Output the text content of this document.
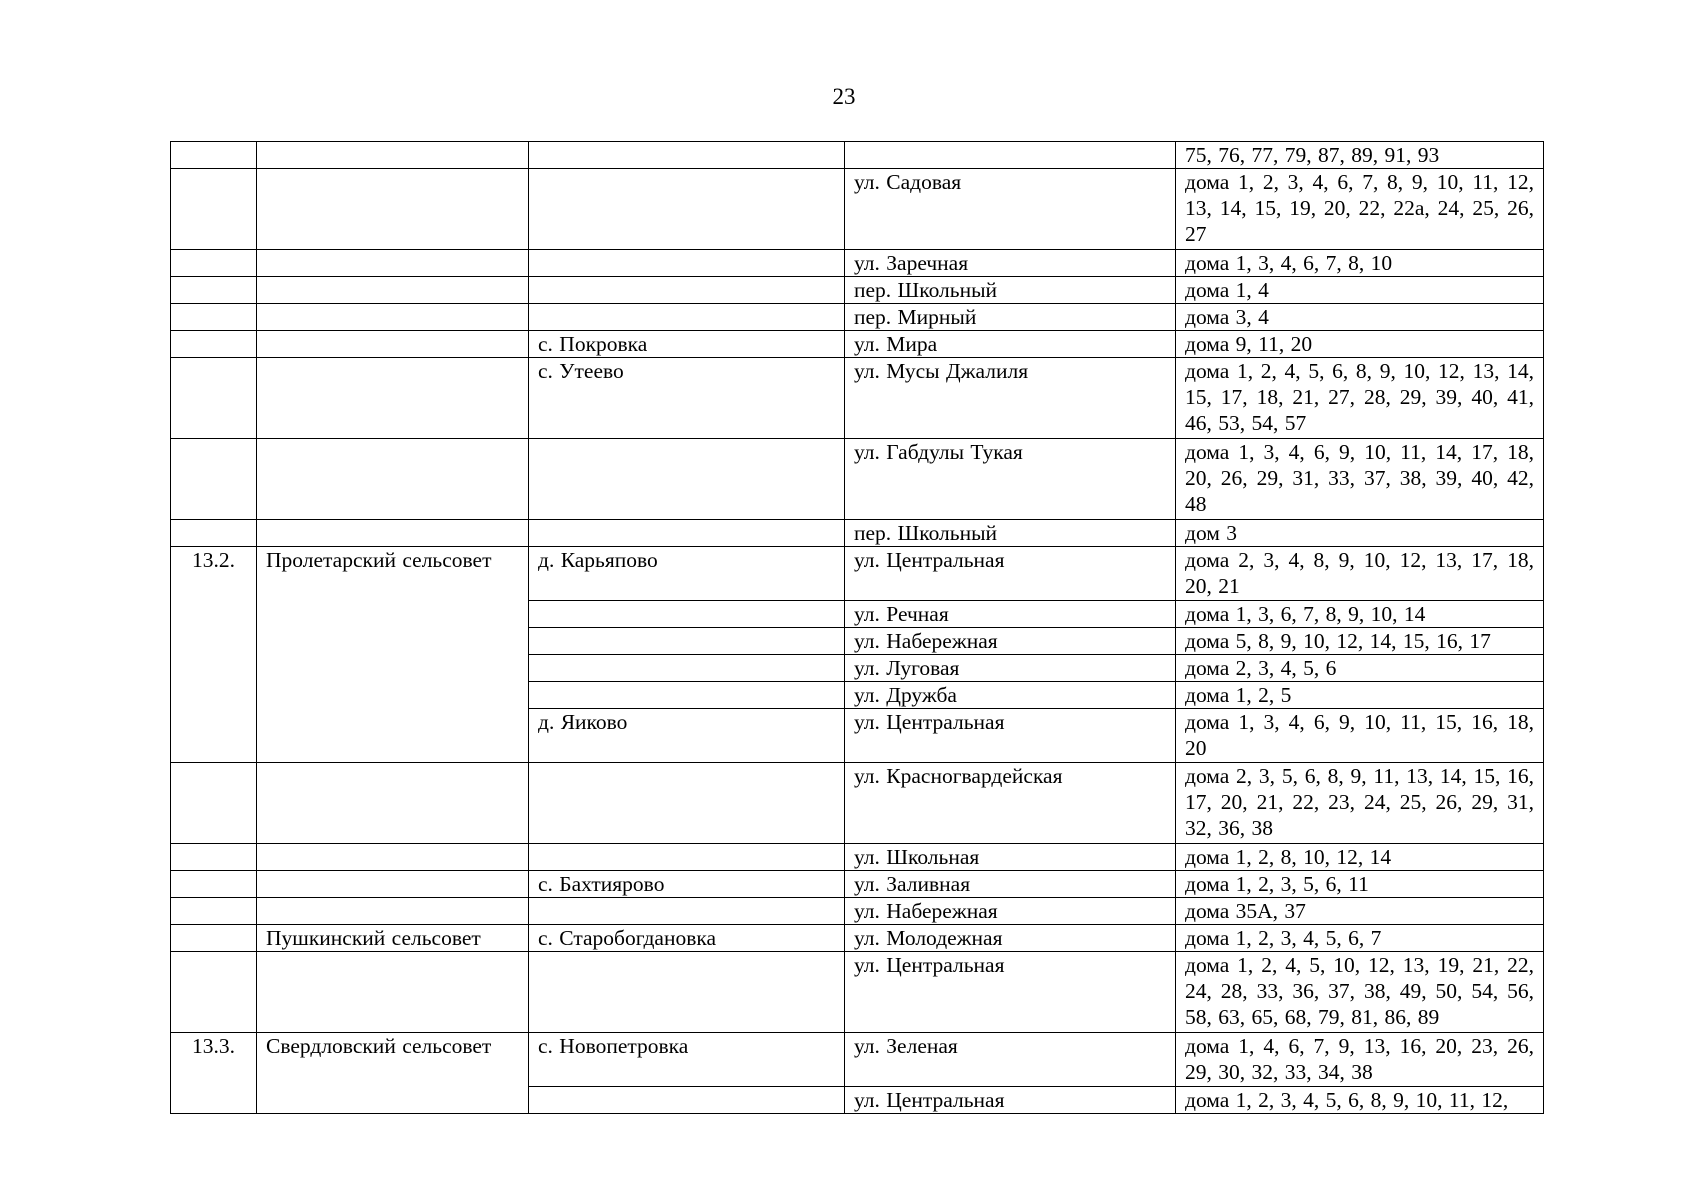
23
				75, 76, 77, 79, 87, 89, 91, 93
			ул. Садовая	дома 1, 2, 3, 4, 6, 7, 8, 9, 10, 11, 12, 13, 14, 15, 19, 20, 22, 22а, 24, 25, 26, 27
			ул. Заречная	дома 1, 3, 4, 6, 7, 8, 10
			пер. Школьный	дома 1, 4
			пер. Мирный	дома 3, 4
		с. Покровка	ул. Мира	дома 9, 11, 20
		с. Утеево	ул. Мусы Джалиля	дома 1, 2, 4, 5, 6, 8, 9, 10, 12, 13, 14, 15, 17, 18, 21, 27, 28, 29, 39, 40, 41, 46, 53, 54, 57
			ул. Габдулы Тукая	дома 1, 3, 4, 6, 9, 10, 11, 14, 17, 18, 20, 26, 29, 31, 33, 37, 38, 39, 40, 42, 48
			пер. Школьный	дом 3
13.2.	Пролетарский сельсовет	д. Карьяпово	ул. Центральная	дома 2, 3, 4, 8, 9, 10, 12, 13, 17, 18, 20, 21
			ул. Речная	дома 1, 3, 6, 7, 8, 9, 10, 14
			ул. Набережная	дома 5, 8, 9, 10, 12, 14, 15, 16, 17
			ул. Луговая	дома 2, 3, 4, 5, 6
			ул. Дружба	дома 1, 2, 5
		д. Яиково	ул. Центральная	дома 1, 3, 4, 6, 9, 10, 11, 15, 16, 18, 20
			ул. Красногвардейская	дома 2, 3, 5, 6, 8, 9, 11, 13, 14, 15, 16, 17, 20, 21, 22, 23, 24, 25, 26, 29, 31, 32, 36, 38
			ул. Школьная	дома 1, 2, 8, 10, 12, 14
		с. Бахтиярово	ул. Заливная	дома 1, 2, 3, 5, 6, 11
			ул. Набережная	дома 35А, 37
	Пушкинский сельсовет	с. Старобогдановка	ул. Молодежная	дома 1, 2, 3, 4, 5, 6, 7
			ул. Центральная	дома 1, 2, 4, 5, 10, 12, 13, 19, 21, 22, 24, 28, 33, 36, 37, 38, 49, 50, 54, 56, 58, 63, 65, 68, 79, 81, 86, 89
13.3.	Свердловский сельсовет	с. Новопетровка	ул. Зеленая	дома 1, 4, 6, 7, 9, 13, 16, 20, 23, 26, 29, 30, 32, 33, 34, 38
			ул. Центральная	дома 1, 2, 3, 4, 5, 6, 8, 9, 10, 11, 12,
